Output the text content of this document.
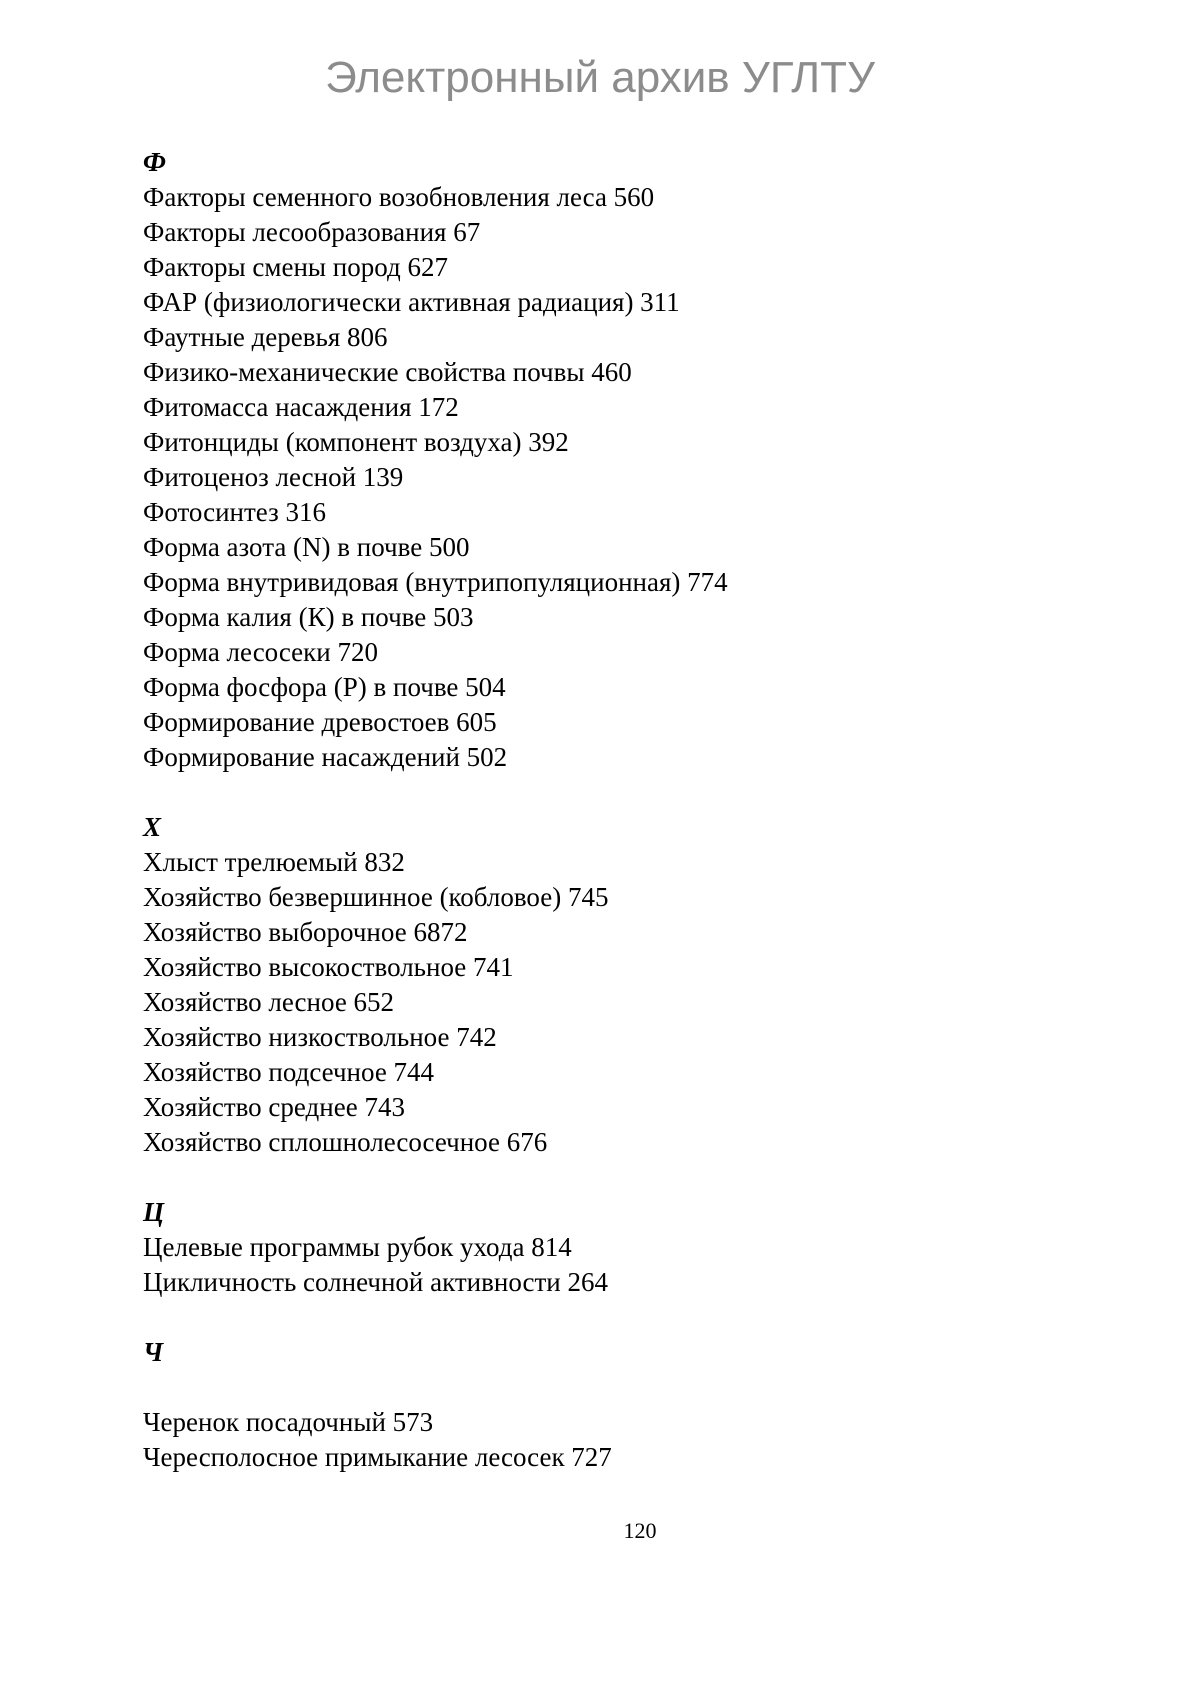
Электронный архив УГЛТУ
Ф
Факторы семенного возобновления леса 560
Факторы лесообразования 67
Факторы смены пород 627
ФАР (физиологически активная радиация) 311
Фаутные деревья 806
Физико-механические свойства почвы 460
Фитомасса насаждения 172
Фитонциды (компонент воздуха) 392
Фитоценоз лесной 139
Фотосинтез 316
Форма азота (N) в почве 500
Форма внутривидовая (внутрипопуляционная) 774
Форма калия (К) в почве 503
Форма лесосеки 720
Форма фосфора (Р) в почве 504
Формирование древостоев 605
Формирование насаждений 502
Х
Хлыст трелюемый 832
Хозяйство безвершинное (кобловое) 745
Хозяйство выборочное 6872
Хозяйство высокоствольное 741
Хозяйство лесное 652
Хозяйство низкоствольное 742
Хозяйство подсечное 744
Хозяйство среднее 743
Хозяйство сплошнолесосечное 676
Ц
Целевые программы рубок ухода 814
Цикличность солнечной активности 264
Ч
Черенок посадочный 573
Чересполосное примыкание лесосек 727
120
